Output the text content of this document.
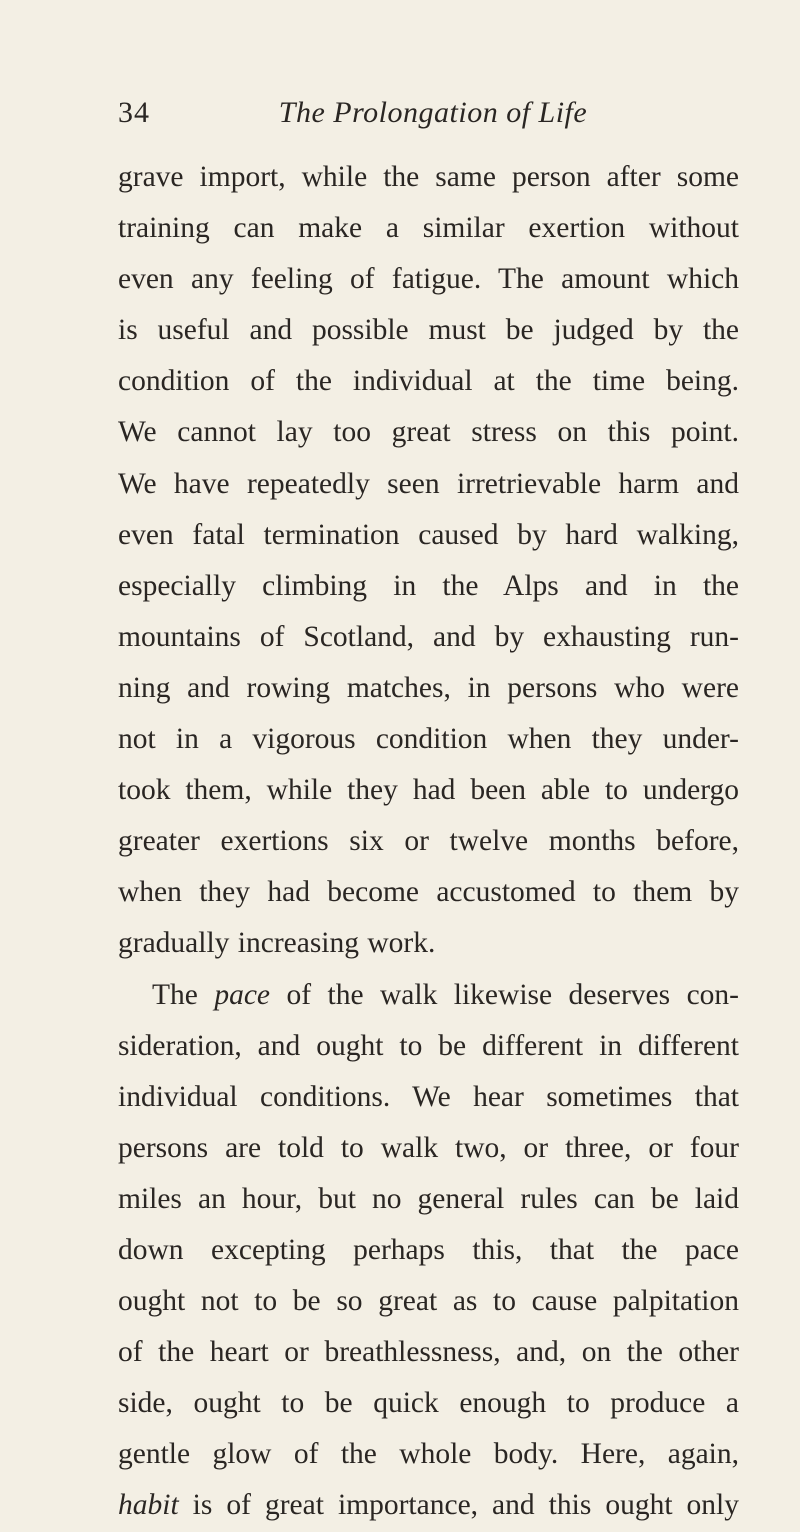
34	The Prolongation of Life
grave import, while the same person after some
training can make a similar exertion without
even any feeling of fatigue. The amount which
is useful and possible must be judged by the
condition of the individual at the time being.
We cannot lay too great stress on this point.
We have repeatedly seen irretrievable harm and
even fatal termination caused by hard walking,
especially climbing in the Alps and in the
mountains of Scotland, and by exhausting run-
ning and rowing matches, in persons who were
not in a vigorous condition when they under-
took them, while they had been able to undergo
greater exertions six or twelve months before,
when they had become accustomed to them by
gradually increasing work.
The pace of the walk likewise deserves con-
sideration, and ought to be different in different
individual conditions. We hear sometimes that
persons are told to walk two, or three, or four
miles an hour, but no general rules can be laid
down excepting perhaps this, that the pace
ought not to be so great as to cause palpitation
of the heart or breathlessness, and, on the other
side, ought to be quick enough to produce a
gentle glow of the whole body. Here, again,
habit is of great importance, and this ought only
